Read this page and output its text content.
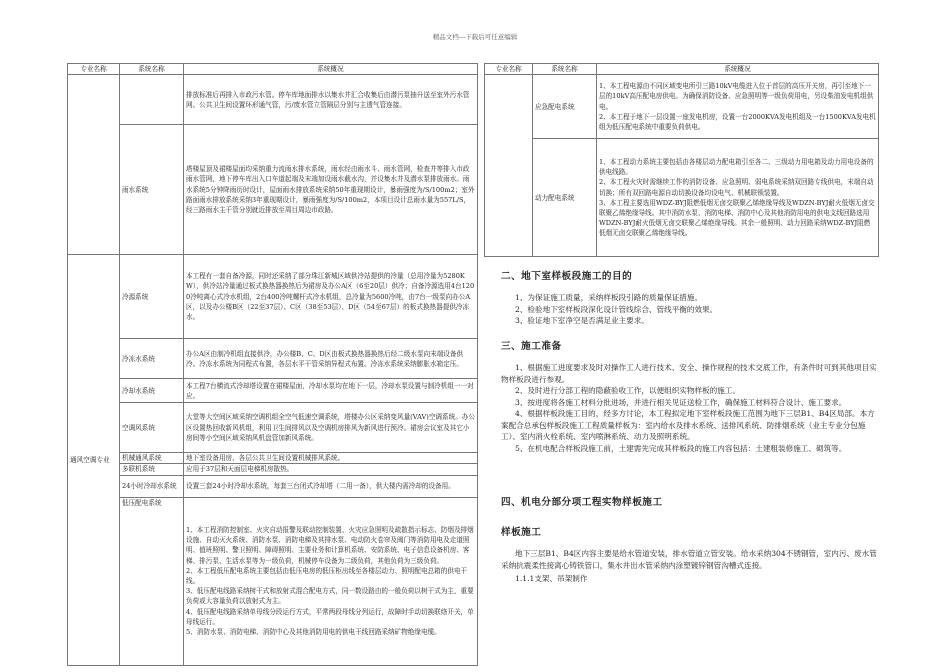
精品文档---下载后可任意编辑
专业名称	系统名称	系统概况
		排放标准后再排入市政污水管。停车库地面排水以集水井汇合收集后由潜污泵抽升送至室外污水管网。公共卫生间设置环形通气管，污/废水管立管隔层分别与主透气管连接。
	雨水系统	塔楼屋顶及裙楼屋面均采纳重力流雨水排水系统，雨水经由雨水斗、雨水管网，检查井等排入市政雨水管网，地下停车库出入口车道起端及末端加设雨水截水沟，并设集水井及潜水泵排放雨水。雨水系统5分钟降雨历时设计，屋面雨水排放系统采纳50年重现期设计，暴雨强度为/S/100m2；室外路面雨水排放系统采纳3年重现期设计，暴雨强度为/S/100m2，本项目设计总雨水量为557L/S，经三路雨水主干管分别就近排放至周目周边市政路。
通风空调专业	冷源系统	本工程有一套自备冷源，同时还采纳了部分珠江新城区域供冷站提供的冷量（总用冷量为5280KW），供冷站冷量通过板式换热器换热后为裙房及办公A区（6至20层）供冷；自备冷源选用4台1200冷吨离心式冷水机组，2台400冷吨螺杆式冷水机组，总冷量为5600冷吨，由7台一级泵向办公A区，以及办公楼B区（22至37层）、C区（38至53层）、D区（54至67层）的板式换热器提供冷冻水。
	冷冻水系统	办公A区由制冷机组直接供冷，办公楼B、C、D区由板式换热器换热后经二级水泵向末端设备供冷。冷冻水系统为同程式布置，各层水平干管采纳异程式布置。冷冻水系统采纳膨胀水箱定压。
	冷却水系统	本工程7台横流式冷却塔设置在裙楼屋面，冷却水泵均在地下一层，冷却水泵设置与制冷机组一一对应。
	空调风系统	大堂等大空间区域采纳空调机组全空气低速空调系统，塔楼办公区采纳变风量(VAV)空调系统。办公区设置热回收新风机组，利用卫生间排风以及空调机房排风为新风进行预冷。裙房会议室及其它小房间等小空间区域采纳风机盘管加新风系统。
	机械通风系统	地下室设备用房、各层公共卫生间设置机械排风系统。
	多联机系统	应用于37层和天面层电梯机房散热。
	24小时冷却水系统	设置三套24小时冷却水系统，每套三台闭式冷却塔（二用一备），供大楼内需冷却的设备用。
	低压配电系统	1、本工程消防控制室、火灾自动报警及联动控制装置、火灾应急照明及疏散指示标志、防烟及排烟设施、自动灭火系统、消防水泵、消防电梯及其排水泵、电动防火卷帘及阀门等消防用电及走道照明、值班照明、警卫照明、障碍照明、主要业务和计算机系统、安防系统、电子信息设备机房、客梯、排污泵、生活水泵等为一级负荷，机械停车设备为二级负荷，其他负荷为三级负荷。
2、本工程低压配电系统主要包括由低压电房的低压柜出线至各楼层动力、照明配电总箱的供电干线。
3、低压配电线路采纳树干式和放射式混合配电方式，同一数设路由的一般负荷以树干式为主，重要负荷或大容量负荷以放射式为主。
4、低压配电线路采纳单母线分段运行方式，平常两段母线分列运行，故障时手动切换联络开关，单母线运行。
5、消防水泵、消防电梯、消防中心及其他消防用电的供电干线回路采纳矿物绝缘电缆。
专业名称	系统名称	系统概况
	应急配电系统	1、本工程电源由不同区域变电所引三路10kV电缆进入位于首层的高压开关房，再引至地下一层的10kV高压配电房供电。为确保消防设备、应急照明等一级负荷用电，另设柴油发电机组供电。
2、本工程于地下一层设置一座发电机房，设置一台2000KVA发电机组及一台1500KVA发电机组为低压配电系统中重要负荷供电。
	动力配电系统	1、本工程动力系统主要包括由各楼层动力配电箱引至各二、三级动力用电箱及动力用电设备的供电线路。
2、本工程火灾时需继续工作的消防设备、应急照明、弱电系统采纳双回路专线供电，末端自动切换；所有双回路电源自动切换设备均设电气、机械联锁装置。
3、本工程主要选用WDZ-BYJ阻燃低烟无卤交联聚乙烯绝缘导线及WDZN-BYJ耐火低烟无卤交联聚乙烯绝缘导线。其中消防水泵、消防电梯、消防中心及其他消防用电的供电支线回路选用WDZN-BYJ耐火低烟无卤交联聚乙烯绝缘导线。其余一般照明、动力回路采纳WDZ-BYJ阻燃低烟无卤交联聚乙烯绝缘导线。
二、地下室样板段施工的目的

1、为保证施工质量，采纳样板段引路的质量保证措施。

2、检验地下室样板段深化设计管线综合、管线平衡的效果。

3、验证地下室净空是否满足业主要求。

三、施工准备

1、根据施工进度要求及时对操作工人进行技术、安全、操作规程的技术交底工作，有条件时可到其他项目实物样板段进行参观。

2、及时进行分部工程的隐蔽验收工作，以便组织实物样板的施工。

3、按进度将各施工材料分批进场，并进行相关见证送检工作，确保施工材料符合设计、施工要求。

4、根据样板段施工目的，经多方讨论，本工程拟定地下室样板段施工范围为地下三层B1、B4区局部。本方案配合总承包样板段施工工程质量样板为：室内给水及排水系统、送排风系统、防排烟系统（业主专业分包施工）、室内消火栓系统、室内喷淋系统、动力及照明系统。

5、在机电配合样板段施工前，土建需先完成其样板段的施工内容包括：土建粗装修施工、砌筑等。

四、机电分部分项工程实物样板施工
样板施工

地下三层B1、B4区内容主要是给水管道安装，排水管道立管安装。给水采纳304不锈钢管，室内污、废水管采纳抗震柔性接离心铸铁管口，集水井出水管采纳内涂塑镀锌钢管沟槽式连接。

1.1.1支架、吊架制作
